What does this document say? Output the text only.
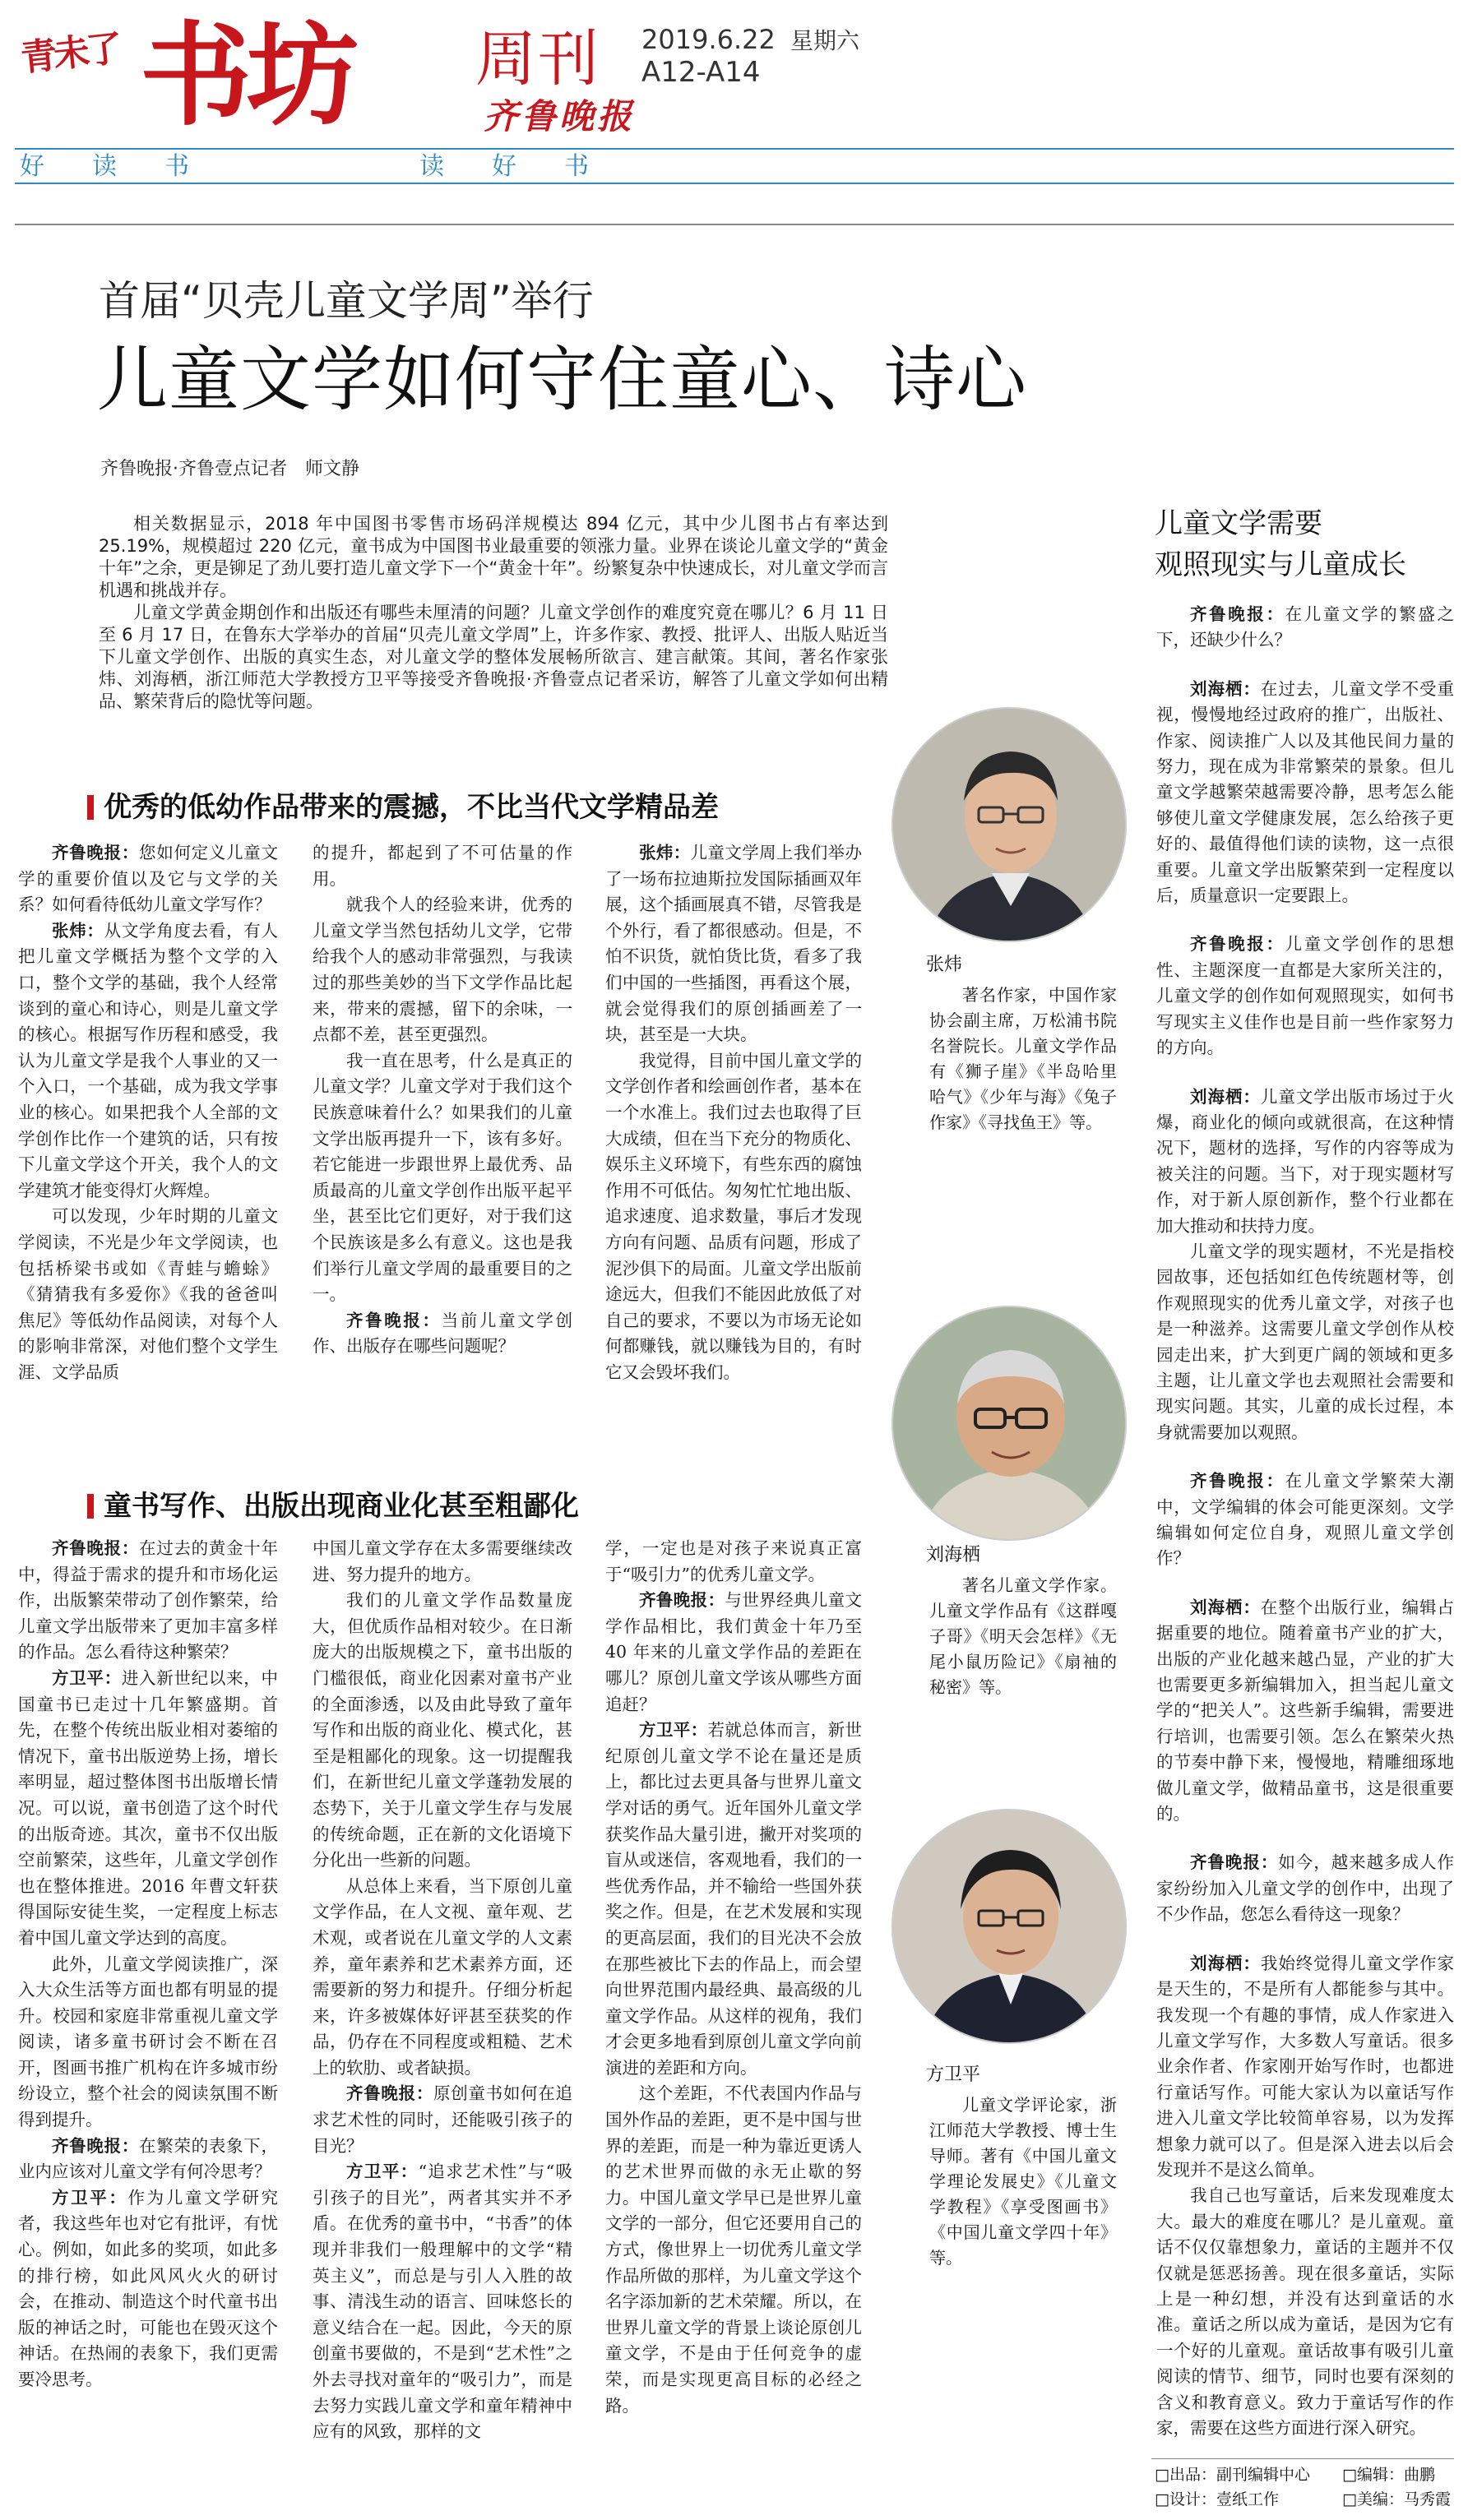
青未了 书坊 周刊
齐鲁晚报
2019.6.22 星期六
A12-A14
好　读　书	读　好　书
首届“贝壳儿童文学周”举行
儿童文学如何守住童心、诗心
齐鲁晚报·齐鲁壹点记者　师文静

相关数据显示，2018 年中国图书零售市场码洋规模达 894 亿元，其中少儿图书占有率达到 25.19%，规模超过 220 亿元，童书成为中国图书业最重要的领涨力量。业界在谈论儿童文学的“黄金十年”之余，更是铆足了劲儿要打造儿童文学下一个“黄金十年”。纷繁复杂中快速成长，对儿童文学而言机遇和挑战并存。

儿童文学黄金期创作和出版还有哪些未厘清的问题？儿童文学创作的难度究竟在哪儿？6 月 11 日至 6 月 17 日，在鲁东大学举办的首届“贝壳儿童文学周”上，许多作家、教授、批评人、出版人贴近当下儿童文学创作、出版的真实生态，对儿童文学的整体发展畅所欲言、建言献策。其间，著名作家张炜、刘海栖，浙江师范大学教授方卫平等接受齐鲁晚报·齐鲁壹点记者采访，解答了儿童文学如何出精品、繁荣背后的隐忧等问题。

儿童文学需要
观照现实与儿童成长
优秀的低幼作品带来的震撼，不比当代文学精品差

齐鲁晚报：您如何定义儿童文学的重要价值以及它与文学的关系？如何看待低幼儿童文学写作？

张炜：从文学角度去看，有人把儿童文学概括为整个文学的入口，整个文学的基础，我个人经常谈到的童心和诗心，则是儿童文学的核心。根据写作历程和感受，我认为儿童文学是我个人事业的又一个入口，一个基础，成为我文学事业的核心。如果把我个人全部的文学创作比作一个建筑的话，只有按下儿童文学这个开关，我个人的文学建筑才能变得灯火辉煌。

可以发现，少年时期的儿童文学阅读，不光是少年文学阅读，也包括桥梁书或如《青蛙与蟾蜍》《猜猜我有多爱你》《我的爸爸叫焦尼》等低幼作品阅读，对每个人的影响非常深，对他们整个文学生涯、文学品质

的提升，都起到了不可估量的作用。

就我个人的经验来讲，优秀的儿童文学当然包括幼儿文学，它带给我个人的感动非常强烈，与我读过的那些美妙的当下文学作品比起来，带来的震撼，留下的余味，一点都不差，甚至更强烈。

我一直在思考，什么是真正的儿童文学？儿童文学对于我们这个民族意味着什么？如果我们的儿童文学出版再提升一下，该有多好。若它能进一步跟世界上最优秀、品质最高的儿童文学创作出版平起平坐，甚至比它们更好，对于我们这个民族该是多么有意义。这也是我们举行儿童文学周的最重要目的之一。

齐鲁晚报：当前儿童文学创作、出版存在哪些问题呢？

张炜：儿童文学周上我们举办了一场布拉迪斯拉发国际插画双年展，这个插画展真不错，尽管我是个外行，看了都很感动。但是，不怕不识货，就怕货比货，看多了我们中国的一些插图，再看这个展，就会觉得我们的原创插画差了一块，甚至是一大块。

我觉得，目前中国儿童文学的文学创作者和绘画创作者，基本在一个水准上。我们过去也取得了巨大成绩，但在当下充分的物质化、娱乐主义环境下，有些东西的腐蚀作用不可低估。匆匆忙忙地出版、追求速度、追求数量，事后才发现方向有问题、品质有问题，形成了泥沙俱下的局面。儿童文学出版前途远大，但我们不能因此放低了对自己的要求，不要以为市场无论如何都赚钱，就以赚钱为目的，有时它又会毁坏我们。

童书写作、出版出现商业化甚至粗鄙化

齐鲁晚报：在过去的黄金十年中，得益于需求的提升和市场化运作，出版繁荣带动了创作繁荣，给儿童文学出版带来了更加丰富多样的作品。怎么看待这种繁荣？

方卫平：进入新世纪以来，中国童书已走过十几年繁盛期。首先，在整个传统出版业相对萎缩的情况下，童书出版逆势上扬，增长率明显，超过整体图书出版增长情况。可以说，童书创造了这个时代的出版奇迹。其次，童书不仅出版空前繁荣，这些年，儿童文学创作也在整体推进。2016 年曹文轩获得国际安徒生奖，一定程度上标志着中国儿童文学达到的高度。

此外，儿童文学阅读推广，深入大众生活等方面也都有明显的提升。校园和家庭非常重视儿童文学阅读，诸多童书研讨会不断在召开，图画书推广机构在许多城市纷纷设立，整个社会的阅读氛围不断得到提升。

齐鲁晚报：在繁荣的表象下，业内应该对儿童文学有何冷思考？

方卫平：作为儿童文学研究者，我这些年也对它有批评，有忧心。例如，如此多的奖项，如此多的排行榜，如此风风火火的研讨会，在推动、制造这个时代童书出版的神话之时，可能也在毁灭这个神话。在热闹的表象下，我们更需要冷思考。

中国儿童文学存在太多需要继续改进、努力提升的地方。

我们的儿童文学作品数量庞大，但优质作品相对较少。在日渐庞大的出版规模之下，童书出版的门槛很低，商业化因素对童书产业的全面渗透，以及由此导致了童年写作和出版的商业化、模式化，甚至是粗鄙化的现象。这一切提醒我们，在新世纪儿童文学蓬勃发展的态势下，关于儿童文学生存与发展的传统命题，正在新的文化语境下分化出一些新的问题。

从总体上来看，当下原创儿童文学作品，在人文视、童年观、艺术观，或者说在儿童文学的人文素养，童年素养和艺术素养方面，还需要新的努力和提升。仔细分析起来，许多被媒体好评甚至获奖的作品，仍存在不同程度或粗糙、艺术上的软肋、或者缺损。

齐鲁晚报：原创童书如何在追求艺术性的同时，还能吸引孩子的目光？

方卫平：“追求艺术性”与“吸引孩子的目光”，两者其实并不矛盾。在优秀的童书中，“书香”的体现并非我们一般理解中的文学“精英主义”，而总是与引人入胜的故事、清浅生动的语言、回味悠长的意义结合在一起。因此，今天的原创童书要做的，不是到“艺术性”之外去寻找对童年的“吸引力”，而是去努力实践儿童文学和童年精神中应有的风致，那样的文

学，一定也是对孩子来说真正富于“吸引力”的优秀儿童文学。

齐鲁晚报：与世界经典儿童文学作品相比，我们黄金十年乃至 40 年来的儿童文学作品的差距在哪儿？原创儿童文学该从哪些方面追赶？

方卫平：若就总体而言，新世纪原创儿童文学不论在量还是质上，都比过去更具备与世界儿童文学对话的勇气。近年国外儿童文学获奖作品大量引进，撇开对奖项的盲从或迷信，客观地看，我们的一些优秀作品，并不输给一些国外获奖之作。但是，在艺术发展和实现的更高层面，我们的目光决不会放在那些被比下去的作品上，而会望向世界范围内最经典、最高级的儿童文学作品。从这样的视角，我们才会更多地看到原创儿童文学向前演进的差距和方向。

这个差距，不代表国内作品与国外作品的差距，更不是中国与世界的差距，而是一种为靠近更诱人的艺术世界而做的永无止歇的努力。中国儿童文学早已是世界儿童文学的一部分，但它还要用自己的方式，像世界上一切优秀儿童文学作品所做的那样，为儿童文学这个名字添加新的艺术荣耀。所以，在世界儿童文学的背景上谈论原创儿童文学，不是由于任何竞争的虚荣，而是实现更高目标的必经之路。

张炜
著名作家，中国作家协会副主席，万松浦书院名誉院长。儿童文学作品有《狮子崖》《半岛哈里哈气》《少年与海》《兔子作家》《寻找鱼王》等。
刘海栖
著名儿童文学作家。儿童文学作品有《这群嘎子哥》《明天会怎样》《无尾小鼠历险记》《扇袖的秘密》等。
方卫平
儿童文学评论家，浙江师范大学教授、博士生导师。著有《中国儿童文学理论发展史》《儿童文学教程》《享受图画书》《中国儿童文学四十年》等。

齐鲁晚报：在儿童文学的繁盛之下，还缺少什么？

刘海栖：在过去，儿童文学不受重视，慢慢地经过政府的推广，出版社、作家、阅读推广人以及其他民间力量的努力，现在成为非常繁荣的景象。但儿童文学越繁荣越需要冷静，思考怎么能够使儿童文学健康发展，怎么给孩子更好的、最值得他们读的读物，这一点很重要。儿童文学出版繁荣到一定程度以后，质量意识一定要跟上。

齐鲁晚报：儿童文学创作的思想性、主题深度一直都是大家所关注的，儿童文学的创作如何观照现实，如何书写现实主义佳作也是目前一些作家努力的方向。

刘海栖：儿童文学出版市场过于火爆，商业化的倾向或就很高，在这种情况下，题材的选择，写作的内容等成为被关注的问题。当下，对于现实题材写作，对于新人原创新作，整个行业都在加大推动和扶持力度。

儿童文学的现实题材，不光是指校园故事，还包括如红色传统题材等，创作观照现实的优秀儿童文学，对孩子也是一种滋养。这需要儿童文学创作从校园走出来，扩大到更广阔的领域和更多主题，让儿童文学也去观照社会需要和现实问题。其实，儿童的成长过程，本身就需要加以观照。

齐鲁晚报：在儿童文学繁荣大潮中，文学编辑的体会可能更深刻。文学编辑如何定位自身，观照儿童文学创作？

刘海栖：在整个出版行业，编辑占据重要的地位。随着童书产业的扩大，出版的产业化越来越凸显，产业的扩大也需要更多新编辑加入，担当起儿童文学的“把关人”。这些新手编辑，需要进行培训，也需要引领。怎么在繁荣火热的节奏中静下来，慢慢地，精雕细琢地做儿童文学，做精品童书，这是很重要的。

齐鲁晚报：如今，越来越多成人作家纷纷加入儿童文学的创作中，出现了不少作品，您怎么看待这一现象？

刘海栖：我始终觉得儿童文学作家是天生的，不是所有人都能参与其中。我发现一个有趣的事情，成人作家进入儿童文学写作，大多数人写童话。很多业余作者、作家刚开始写作时，也都进行童话写作。可能大家认为以童话写作进入儿童文学比较简单容易，以为发挥想象力就可以了。但是深入进去以后会发现并不是这么简单。

我自己也写童话，后来发现难度太大。最大的难度在哪儿？是儿童观。童话不仅仅靠想象力，童话的主题并不仅仅就是惩恶扬善。现在很多童话，实际上是一种幻想，并没有达到童话的水准。童话之所以成为童话，是因为它有一个好的儿童观。童话故事有吸引儿童阅读的情节、细节，同时也要有深刻的含义和教育意义。致力于童话写作的作家，需要在这些方面进行深入研究。

□出品：副刊编辑中心 □编辑：曲鹏
□设计：壹纸工作	□美编：马秀霞
